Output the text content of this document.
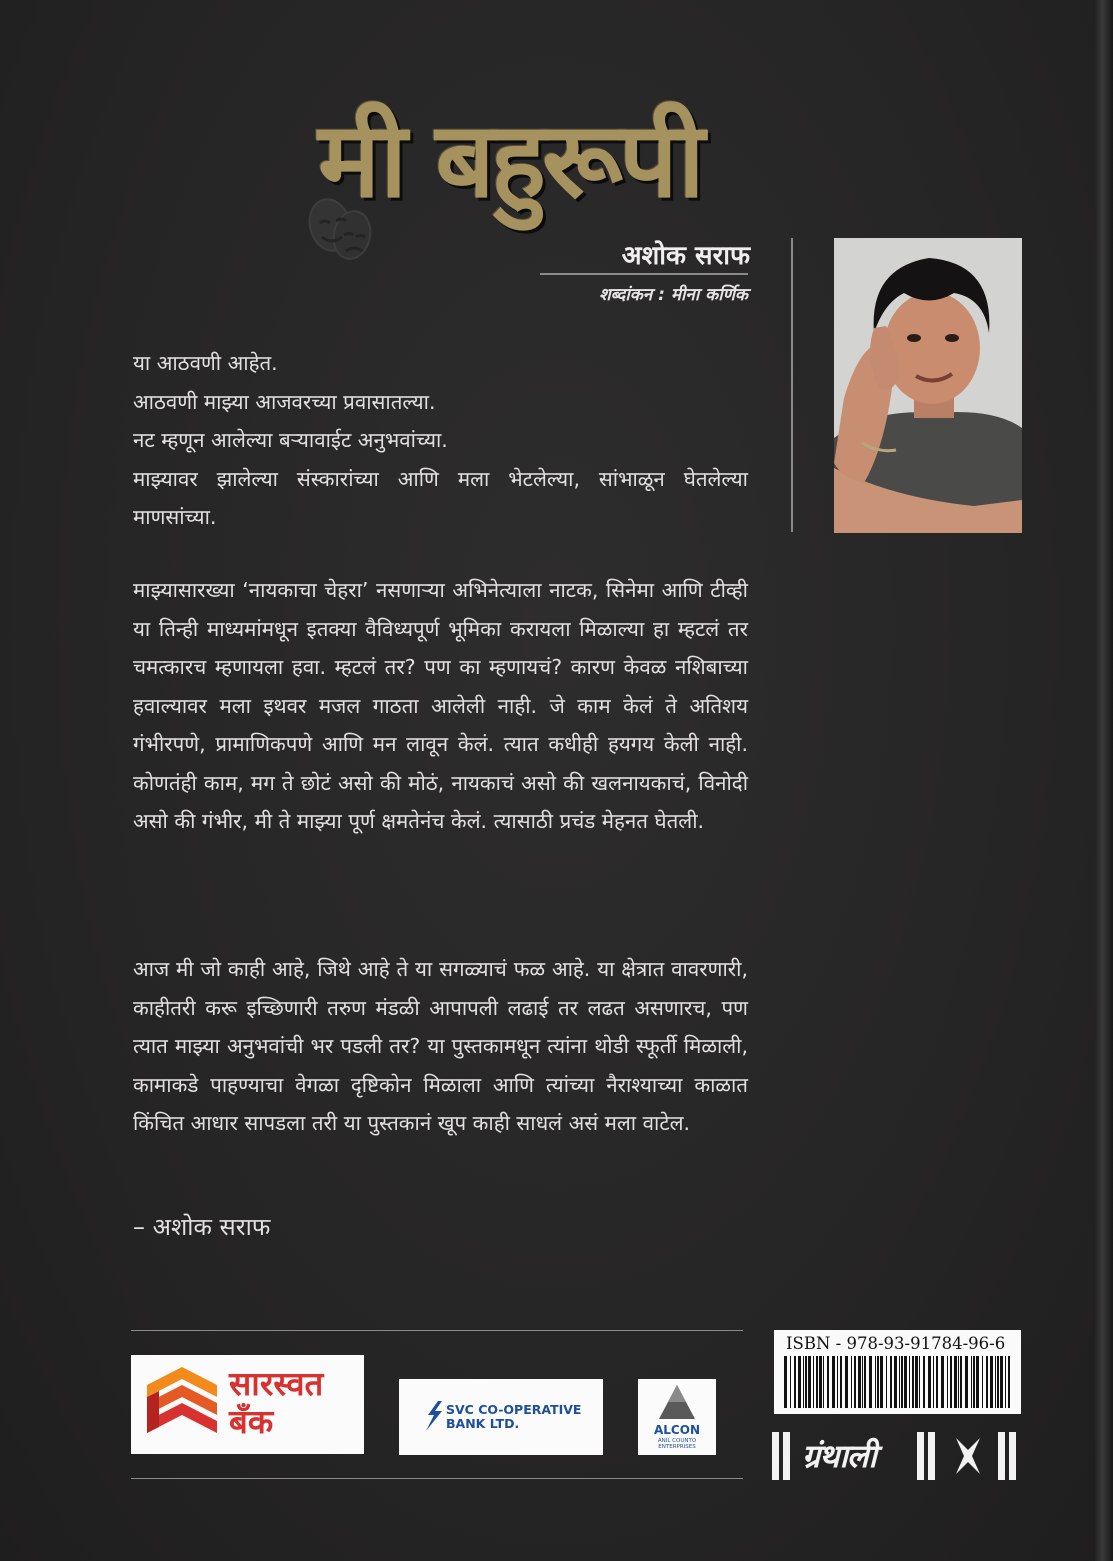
मी बहुरूपी
अशोक सराफ
शब्दांकन : मीना कर्णिक

या आठवणी आहेत.

आठवणी माझ्या आजवरच्या प्रवासातल्या.

नट म्हणून आलेल्या बऱ्यावाईट अनुभवांच्या.

माझ्यावर झालेल्या संस्कारांच्या आणि मला भेटलेल्या, सांभाळून घेतलेल्या माणसांच्या.

माझ्यासारख्या ‘नायकाचा चेहरा’ नसणाऱ्या अभिनेत्याला नाटक, सिनेमा आणि टीव्ही या तिन्ही माध्यमांमधून इतक्या वैविध्यपूर्ण भूमिका करायला मिळाल्या हा म्हटलं तर चमत्कारच म्हणायला हवा. म्हटलं तर? पण का म्हणायचं? कारण केवळ नशिबाच्या हवाल्यावर मला इथवर मजल गाठता आलेली नाही. जे काम केलं ते अतिशय गंभीरपणे, प्रामाणिकपणे आणि मन लावून केलं. त्यात कधीही हयगय केली नाही. कोणतंही काम, मग ते छोटं असो की मोठं, नायकाचं असो की खलनायकाचं, विनोदी असो की गंभीर, मी ते माझ्या पूर्ण क्षमतेनंच केलं. त्यासाठी प्रचंड मेहनत घेतली.

आज मी जो काही आहे, जिथे आहे ते या सगळ्याचं फळ आहे. या क्षेत्रात वावरणारी, काहीतरी करू इच्छिणारी तरुण मंडळी आपापली लढाई तर लढत असणारच, पण त्यात माझ्या अनुभवांची भर पडली तर? या पुस्तकामधून त्यांना थोडी स्फूर्ती मिळाली, कामाकडे पाहण्याचा वेगळा दृष्टिकोन मिळाला आणि त्यांच्या नैराश्याच्या काळात किंचित आधार सापडला तरी या पुस्तकानं खूप काही साधलं असं मला वाटेल.

– अशोक सराफ
सारस्वत बँक	SVC CO-OPERATIVE
BANK LTD.	ALCON
ANIL COUNTO
ENTERPRISES
ISBN - 978-93-91784-96-6
ग्रंथाली
